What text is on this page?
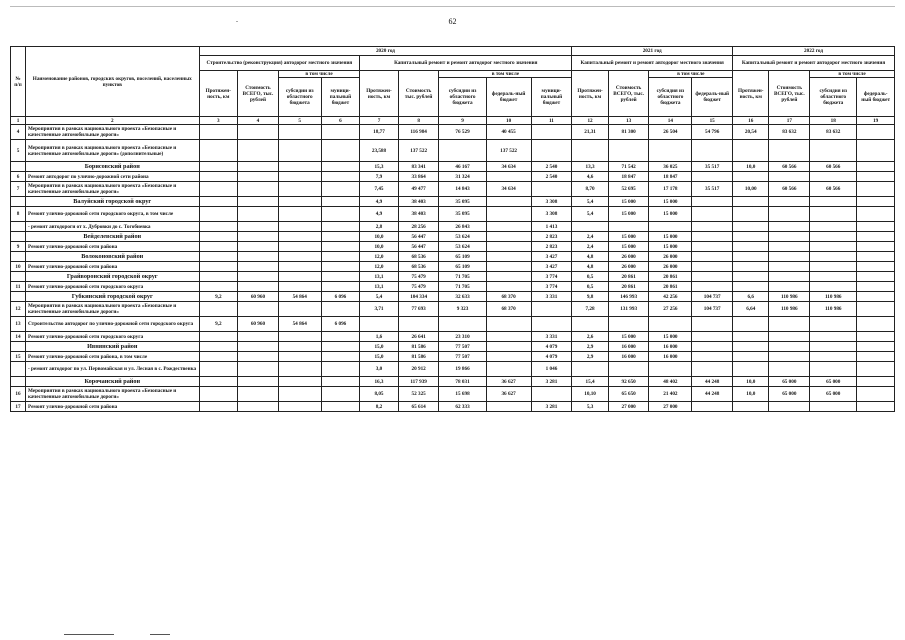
62
-
№ п/п	Наименование районов, городских округов, поселений, населенных пунктов	2020 год									2021 год				2022 год			
		Строительство (реконструкция) автодорог местного значения				Капитальный ремонт и ремонт автодорог местного значения					Капитальный ремонт и ремонт автодорог местного значения				Капитальный ремонт и ремонт автодорог местного значения			
		Протяжен-ность, км	Стоимость ВСЕГО, тыс. рублей	в том числе		Протяжен-ность, км	Стоимость тыс. рублей	в том числе			Протяжен-ность, км	Стоимость ВСЕГО, тыс. рублей	в том числе		Протяжен-ность, км	Стоимость ВСЕГО, тыс. рублей	в том числе	
				субсидии из областного бюджета	муници-пальный бюджет			субсидии из областного бюджета	федераль-ный бюджет	муници-пальный бюджет			субсидия из областного бюджета	федераль-ный бюджет			субсидия из областного бюджета	федераль-ный бюджет
1	2	3	4	5	6	7	8	9	10	11	12	13	14	15	16	17	18	19
4	Мероприятия в рамках национального проекта «Безопасные и качественные автомобильные дороги»					18,77	116 984	76 529	40 455		21,31	81 300	26 504	54 796	20,54	83 632	83 632	
5	Мероприятия в рамках национального проекта «Безопасные и качественные автомобильные дороги» (дополнительные)					23,588	137 522		137 522									
	Борисовский район					15,3	83 341	46 167	34 634	2 540	13,3	71 542	36 025	35 517	10,0	60 566	60 566	
6	Ремонт автодорог по улично-дорожной сети района					7,9	33 864	31 324		2 540	4,6	18 847	18 847					
7	Мероприятия в рамках национального проекта «Безопасные и качественные автомобильные дороги»					7,45	49 477	14 843	34 634		8,70	52 695	17 178	35 517	10,00	60 566	60 566	
	Валуйский городской округ					4,9	38 403	35 095		3 308	5,4	15 000	15 000					
8	Ремонт улично-дорожной сети городского округа, в том числе					4,9	38 403	35 095		3 308	5,4	15 000	15 000					
	- ремонт автодороги от х. Дубровки до с. Тогобиевка					2,8	28 256	26 843		1 413								
	Вейделевский район					10,0	56 447	53 624		2 823	2,4	15 000	15 000					
9	Ремонт улично-дорожной сети района					10,0	56 447	53 624		2 823	2,4	15 000	15 000					
	Волоконовский район					12,0	68 536	65 109		3 427	4,8	26 000	26 000					
10	Ремонт улично-дорожной сети района					12,0	68 536	65 109		3 427	4,8	26 000	26 000					
	Грайворонский городской округ					13,1	75 479	71 705		3 774	0,5	20 861	20 861					
11	Ремонт улично-дорожной сети городского округа					13,1	75 479	71 705		3 774	0,5	20 861	20 861					
	Губкинский городской округ	9,2	60 960	54 864	6 096	5,4	104 334	32 633	68 370	3 331	9,8	146 993	42 256	104 737	6,6	110 986	110 986	
12	Мероприятия в рамках национального проекта «Безопасные и качественные автомобильные дороги»					3,71	77 693	9 323	68 370		7,28	131 993	27 256	104 737	6,64	110 986	110 986	
13	Строительство автодорог по улично-дорожной сети городского округа	9,2	60 960	54 864	6 096													
14	Ремонт улично-дорожной сети городского округа					1,6	26 641	23 310		3 331	2,6	15 000	15 000					
	Ивнянский район					15,0	81 586	77 507		4 079	2,9	16 000	16 000					
15	Ремонт улично-дорожной сети района, в том числе					15,0	81 586	77 507		4 079	2,9	16 000	16 000					
	- ремонт автодорог по ул. Первомайская и ул. Лесная в с. Рождественка					3,0	20 912	19 866		1 046								
	Корочанский район					16,3	117 939	78 031	36 627	3 281	15,4	92 650	48 402	44 248	10,0	65 000	65 000	
16	Мероприятия в рамках национального проекта «Безопасные и качественные автомобильные дороги»					8,05	52 325	15 698	36 627		10,10	65 650	21 402	44 248	10,0	65 000	65 000	
17	Ремонт улично-дорожной сети района					8,2	65 614	62 333		3 281	5,3	27 000	27 000					
